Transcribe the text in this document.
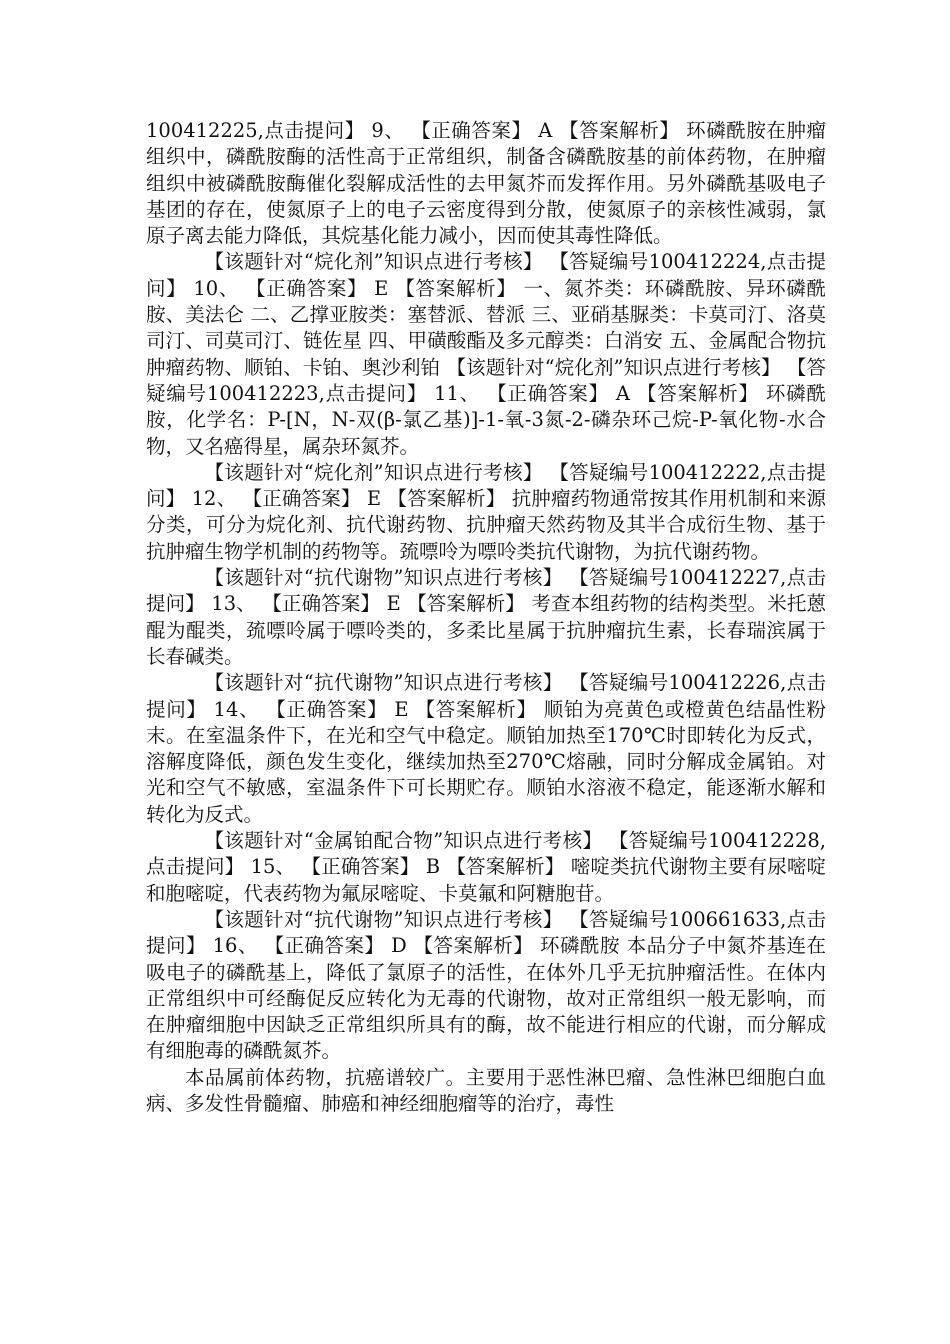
100412225,点击提问】 9、 【正确答案】 A 【答案解析】 环磷酰胺在肿瘤组织中，磷酰胺酶的活性高于正常组织，制备含磷酰胺基的前体药物，在肿瘤组织中被磷酰胺酶催化裂解成活性的去甲氮芥而发挥作用。另外磷酰基吸电子基团的存在，使氮原子上的电子云密度得到分散，使氮原子的亲核性减弱，氯原子离去能力降低，其烷基化能力减小，因而使其毒性降低。

【该题针对“烷化剂”知识点进行考核】 【答疑编号100412224,点击提问】 10、 【正确答案】 E 【答案解析】 一、氮芥类：环磷酰胺、异环磷酰胺、美法仑 二、乙撑亚胺类：塞替派、替派 三、亚硝基脲类：卡莫司汀、洛莫司汀、司莫司汀、链佐星 四、甲磺酸酯及多元醇类：白消安 五、金属配合物抗肿瘤药物、顺铂、卡铂、奥沙利铂 【该题针对“烷化剂”知识点进行考核】 【答疑编号100412223,点击提问】 11、 【正确答案】 A 【答案解析】 环磷酰胺，化学名：P-[N，N-双(β-氯乙基)]-1-氧-3氮-2-磷杂环己烷-P-氧化物-水合物，又名癌得星，属杂环氮芥。

【该题针对“烷化剂”知识点进行考核】 【答疑编号100412222,点击提问】 12、 【正确答案】 E 【答案解析】 抗肿瘤药物通常按其作用机制和来源分类，可分为烷化剂、抗代谢药物、抗肿瘤天然药物及其半合成衍生物、基于抗肿瘤生物学机制的药物等。巯嘌呤为嘌呤类抗代谢物，为抗代谢药物。

【该题针对“抗代谢物”知识点进行考核】 【答疑编号100412227,点击提问】 13、 【正确答案】 E 【答案解析】 考查本组药物的结构类型。米托蒽醌为醌类，巯嘌呤属于嘌呤类的，多柔比星属于抗肿瘤抗生素，长春瑞滨属于长春碱类。

【该题针对“抗代谢物”知识点进行考核】 【答疑编号100412226,点击提问】 14、 【正确答案】 E 【答案解析】 顺铂为亮黄色或橙黄色结晶性粉末。在室温条件下，在光和空气中稳定。顺铂加热至170℃时即转化为反式，溶解度降低，颜色发生变化，继续加热至270℃熔融，同时分解成金属铂。对光和空气不敏感，室温条件下可长期贮存。顺铂水溶液不稳定，能逐渐水解和转化为反式。

【该题针对“金属铂配合物”知识点进行考核】 【答疑编号100412228,点击提问】 15、 【正确答案】 B 【答案解析】 嘧啶类抗代谢物主要有尿嘧啶和胞嘧啶，代表药物为氟尿嘧啶、卡莫氟和阿糖胞苷。

【该题针对“抗代谢物”知识点进行考核】 【答疑编号100661633,点击提问】 16、 【正确答案】 D 【答案解析】 环磷酰胺 本品分子中氮芥基连在吸电子的磷酰基上，降低了氯原子的活性，在体外几乎无抗肿瘤活性。在体内正常组织中可经酶促反应转化为无毒的代谢物，故对正常组织一般无影响，而在肿瘤细胞中因缺乏正常组织所具有的酶，故不能进行相应的代谢，而分解成有细胞毒的磷酰氮芥。

本品属前体药物，抗癌谱较广。主要用于恶性淋巴瘤、急性淋巴细胞白血病、多发性骨髓瘤、肺癌和神经细胞瘤等的治疗，毒性
